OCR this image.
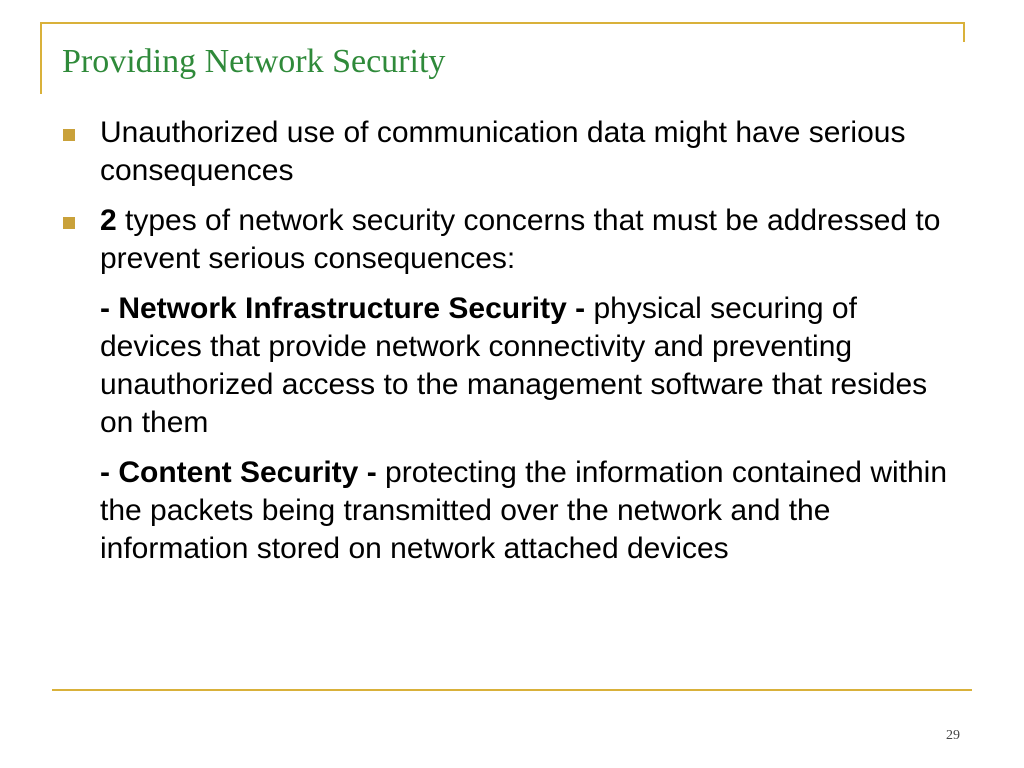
Providing Network Security
Unauthorized use of communication data might have serious consequences
2 types of network security concerns that must be addressed to prevent serious consequences:
- Network Infrastructure Security - physical securing of devices that provide network connectivity and preventing unauthorized access to the management software that resides on them
- Content Security - protecting the information contained within the packets being transmitted over the network and the information stored on network attached devices
29
